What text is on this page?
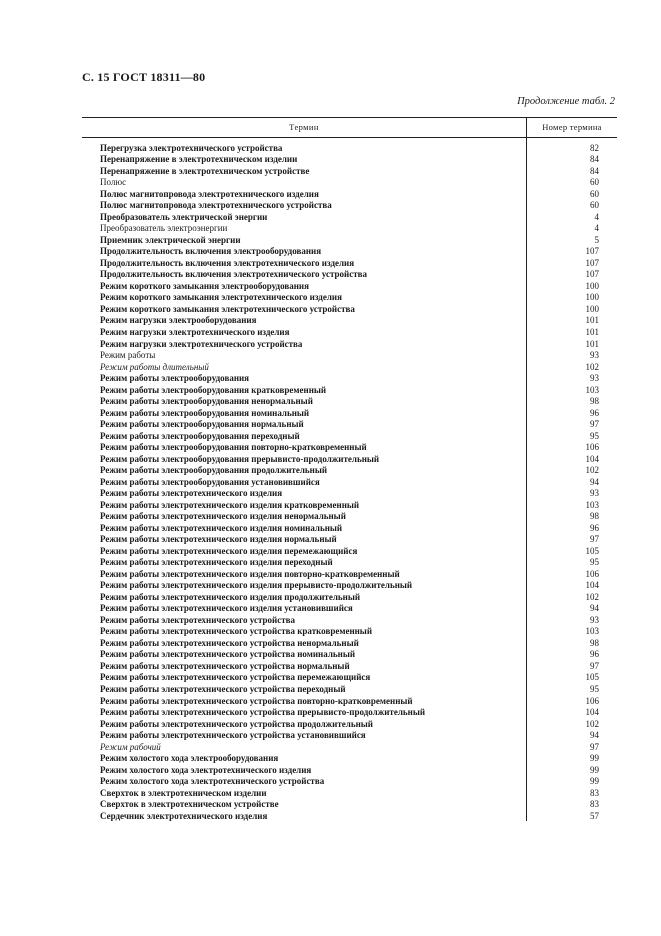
С. 15 ГОСТ 18311—80
Продолжение табл. 2
Термин	Номер термина
Перегрузка электротехнического устройства	82
Перенапряжение в электротехническом изделии	84
Перенапряжение в электротехническом устройстве	84
Полюс	60
Полюс магнитопровода электротехнического изделия	60
Полюс магнитопровода электротехнического устройства	60
Преобразователь электрической энергии	4
Преобразователь электроэнергии	4
Приемник электрической энергии	5
Продолжительность включения электрооборудования	107
Продолжительность включения электротехнического изделия	107
Продолжительность включения электротехнического устройства	107
Режим короткого замыкания электрооборудования	100
Режим короткого замыкания электротехнического изделия	100
Режим короткого замыкания электротехнического устройства	100
Режим нагрузки электрооборудования	101
Режим нагрузки электротехнического изделия	101
Режим нагрузки электротехнического устройства	101
Режим работы	93
Режим работы длительный	102
Режим работы электрооборудования	93
Режим работы электрооборудования кратковременный	103
Режим работы электрооборудования ненормальный	98
Режим работы электрооборудования номинальный	96
Режим работы электрооборудования нормальный	97
Режим работы электрооборудования переходный	95
Режим работы электрооборудования повторно-кратковременный	106
Режим работы электрооборудования прерывисто-продолжительный	104
Режим работы электрооборудования продолжительный	102
Режим работы электрооборудования установившийся	94
Режим работы электротехнического изделия	93
Режим работы электротехнического изделия кратковременный	103
Режим работы электротехнического изделия ненормальный	98
Режим работы электротехнического изделия номинальный	96
Режим работы электротехнического изделия нормальный	97
Режим работы электротехнического изделия перемежающийся	105
Режим работы электротехнического изделия переходный	95
Режим работы электротехнического изделия повторно-кратковременный	106
Режим работы электротехнического изделия прерывисто-продолжительный	104
Режим работы электротехнического изделия продолжительный	102
Режим работы электротехнического изделия установившийся	94
Режим работы электротехнического устройства	93
Режим работы электротехнического устройства кратковременный	103
Режим работы электротехнического устройства ненормальный	98
Режим работы электротехнического устройства номинальный	96
Режим работы электротехнического устройства нормальный	97
Режим работы электротехнического устройства перемежающийся	105
Режим работы электротехнического устройства переходный	95
Режим работы электротехнического устройства повторно-кратковременный	106
Режим работы электротехнического устройства прерывисто-продолжительный	104
Режим работы электротехнического устройства продолжительный	102
Режим работы электротехнического устройства установившийся	94
Режим рабочий	97
Режим холостого хода электрооборудования	99
Режим холостого хода электротехнического изделия	99
Режим холостого хода электротехнического устройства	99
Сверхток в электротехническом изделии	83
Сверхток в электротехническом устройстве	83
Сердечник электротехнического изделия	57
